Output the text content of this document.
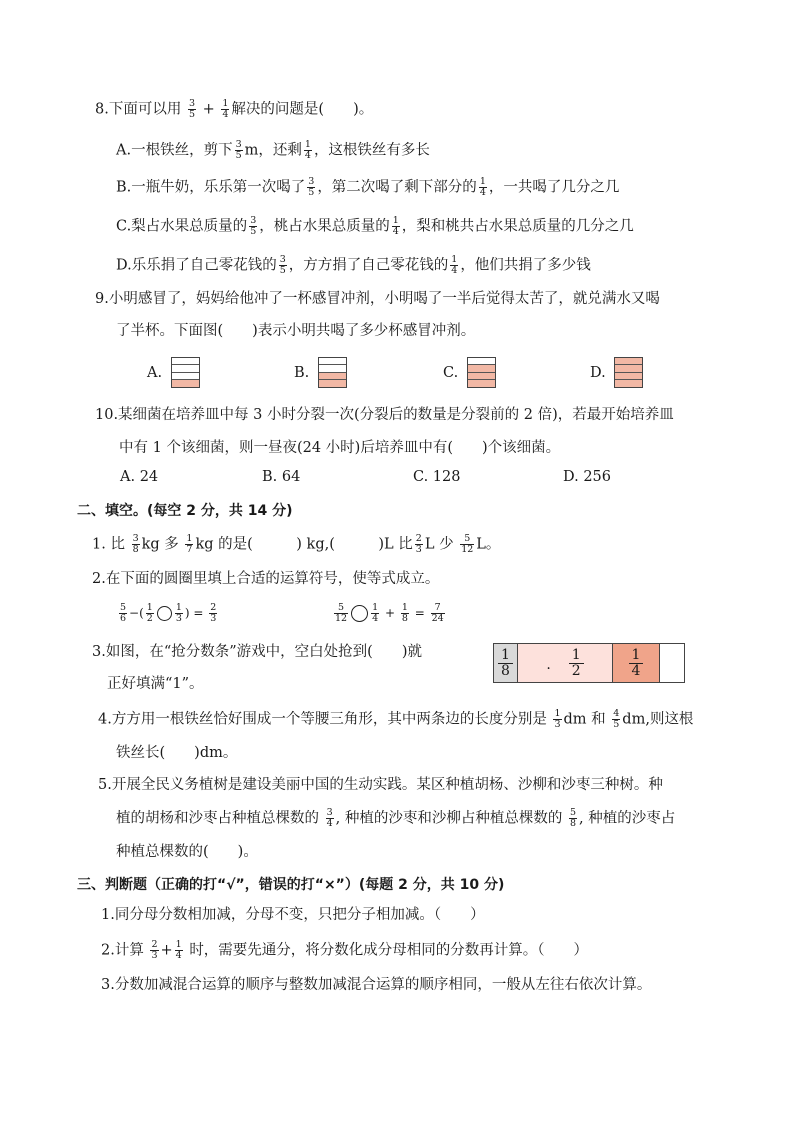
8.下面可以用 $\frac{3}{5} + \frac{1}{4}$ 解决的问题是(　　)。
A.一根铁丝，剪下 $\frac{3}{5}$ m，还剩 $\frac{1}{4}$ ，这根铁丝有多长
B.一瓶牛奶，乐乐第一次喝了 $\frac{3}{5}$ ，第二次喝了剩下部分的 $\frac{1}{4}$ ，一共喝了几分之几
C.梨占水果总质量的 $\frac{3}{5}$ ，桃占水果总质量的 $\frac{1}{4}$ ，梨和桃共占水果总质量的几分之几
D.乐乐捐了自己零花钱的 $\frac{3}{5}$ ，方方捐了自己零花钱的 $\frac{1}{4}$ ，他们共捐了多少钱
9.小明感冒了，妈妈给他冲了一杯感冒冲剂，小明喝了一半后觉得太苦了，就兑满水又喝
了半杯。下面图(　　)表示小明共喝了多少杯感冒冲剂。
A.	B.	C.	D.
10.某细菌在培养皿中每 3 小时分裂一次(分裂后的数量是分裂前的 2 倍)，若最开始培养皿
中有 1 个该细菌，则一昼夜(24 小时)后培养皿中有(　　)个该细菌。
A. 24	B. 64	C. 128	D. 256
二、填空。(每空 2 分，共 14 分)
1. 比 $\frac{3}{8}$ kg 多 $\frac{1}{7}$ kg 的是(　　　) kg,(　　　)L 比 $\frac{2}{3}$ L 少 $\frac{5}{12}$ L。
2.在下面的圆圈里填上合适的运算符号，使等式成立。
$\frac{5}{6}$ −( $\frac{1}{2} \frac{1}{3}$ ) = $\frac{2}{3}$	$\frac{5}{12} \frac{1}{4} + \frac{1}{8} = \frac{7}{24}$
3.如图，在“抢分数条”游戏中，空白处抢到(　　)就
正好填满“1”。
1
8	·
1
2
1
4
4.方方用一根铁丝恰好围成一个等腰三角形，其中两条边的长度分别是 $\frac{1}{3}$ dm 和 $\frac{4}{5}$ dm,则这根
铁丝长(　　)dm。
5.开展全民义务植树是建设美丽中国的生动实践。某区种植胡杨、沙柳和沙枣三种树。种
植的胡杨和沙枣占种植总棵数的 $\frac{3}{4}$ , 种植的沙枣和沙柳占种植总棵数的 $\frac{5}{8}$ , 种植的沙枣占
种植总棵数的(　　)。
三、判断题（正确的打“√”，错误的打“×”）(每题 2 分，共 10 分)
1.同分母分数相加减，分母不变，只把分子相加减。（　　）
2.计算 $\frac{2}{3} + \frac{1}{4}$ 时，需要先通分，将分数化成分母相同的分数再计算。（　　）
3.分数加减混合运算的顺序与整数加减混合运算的顺序相同，一般从左往右依次计算。
